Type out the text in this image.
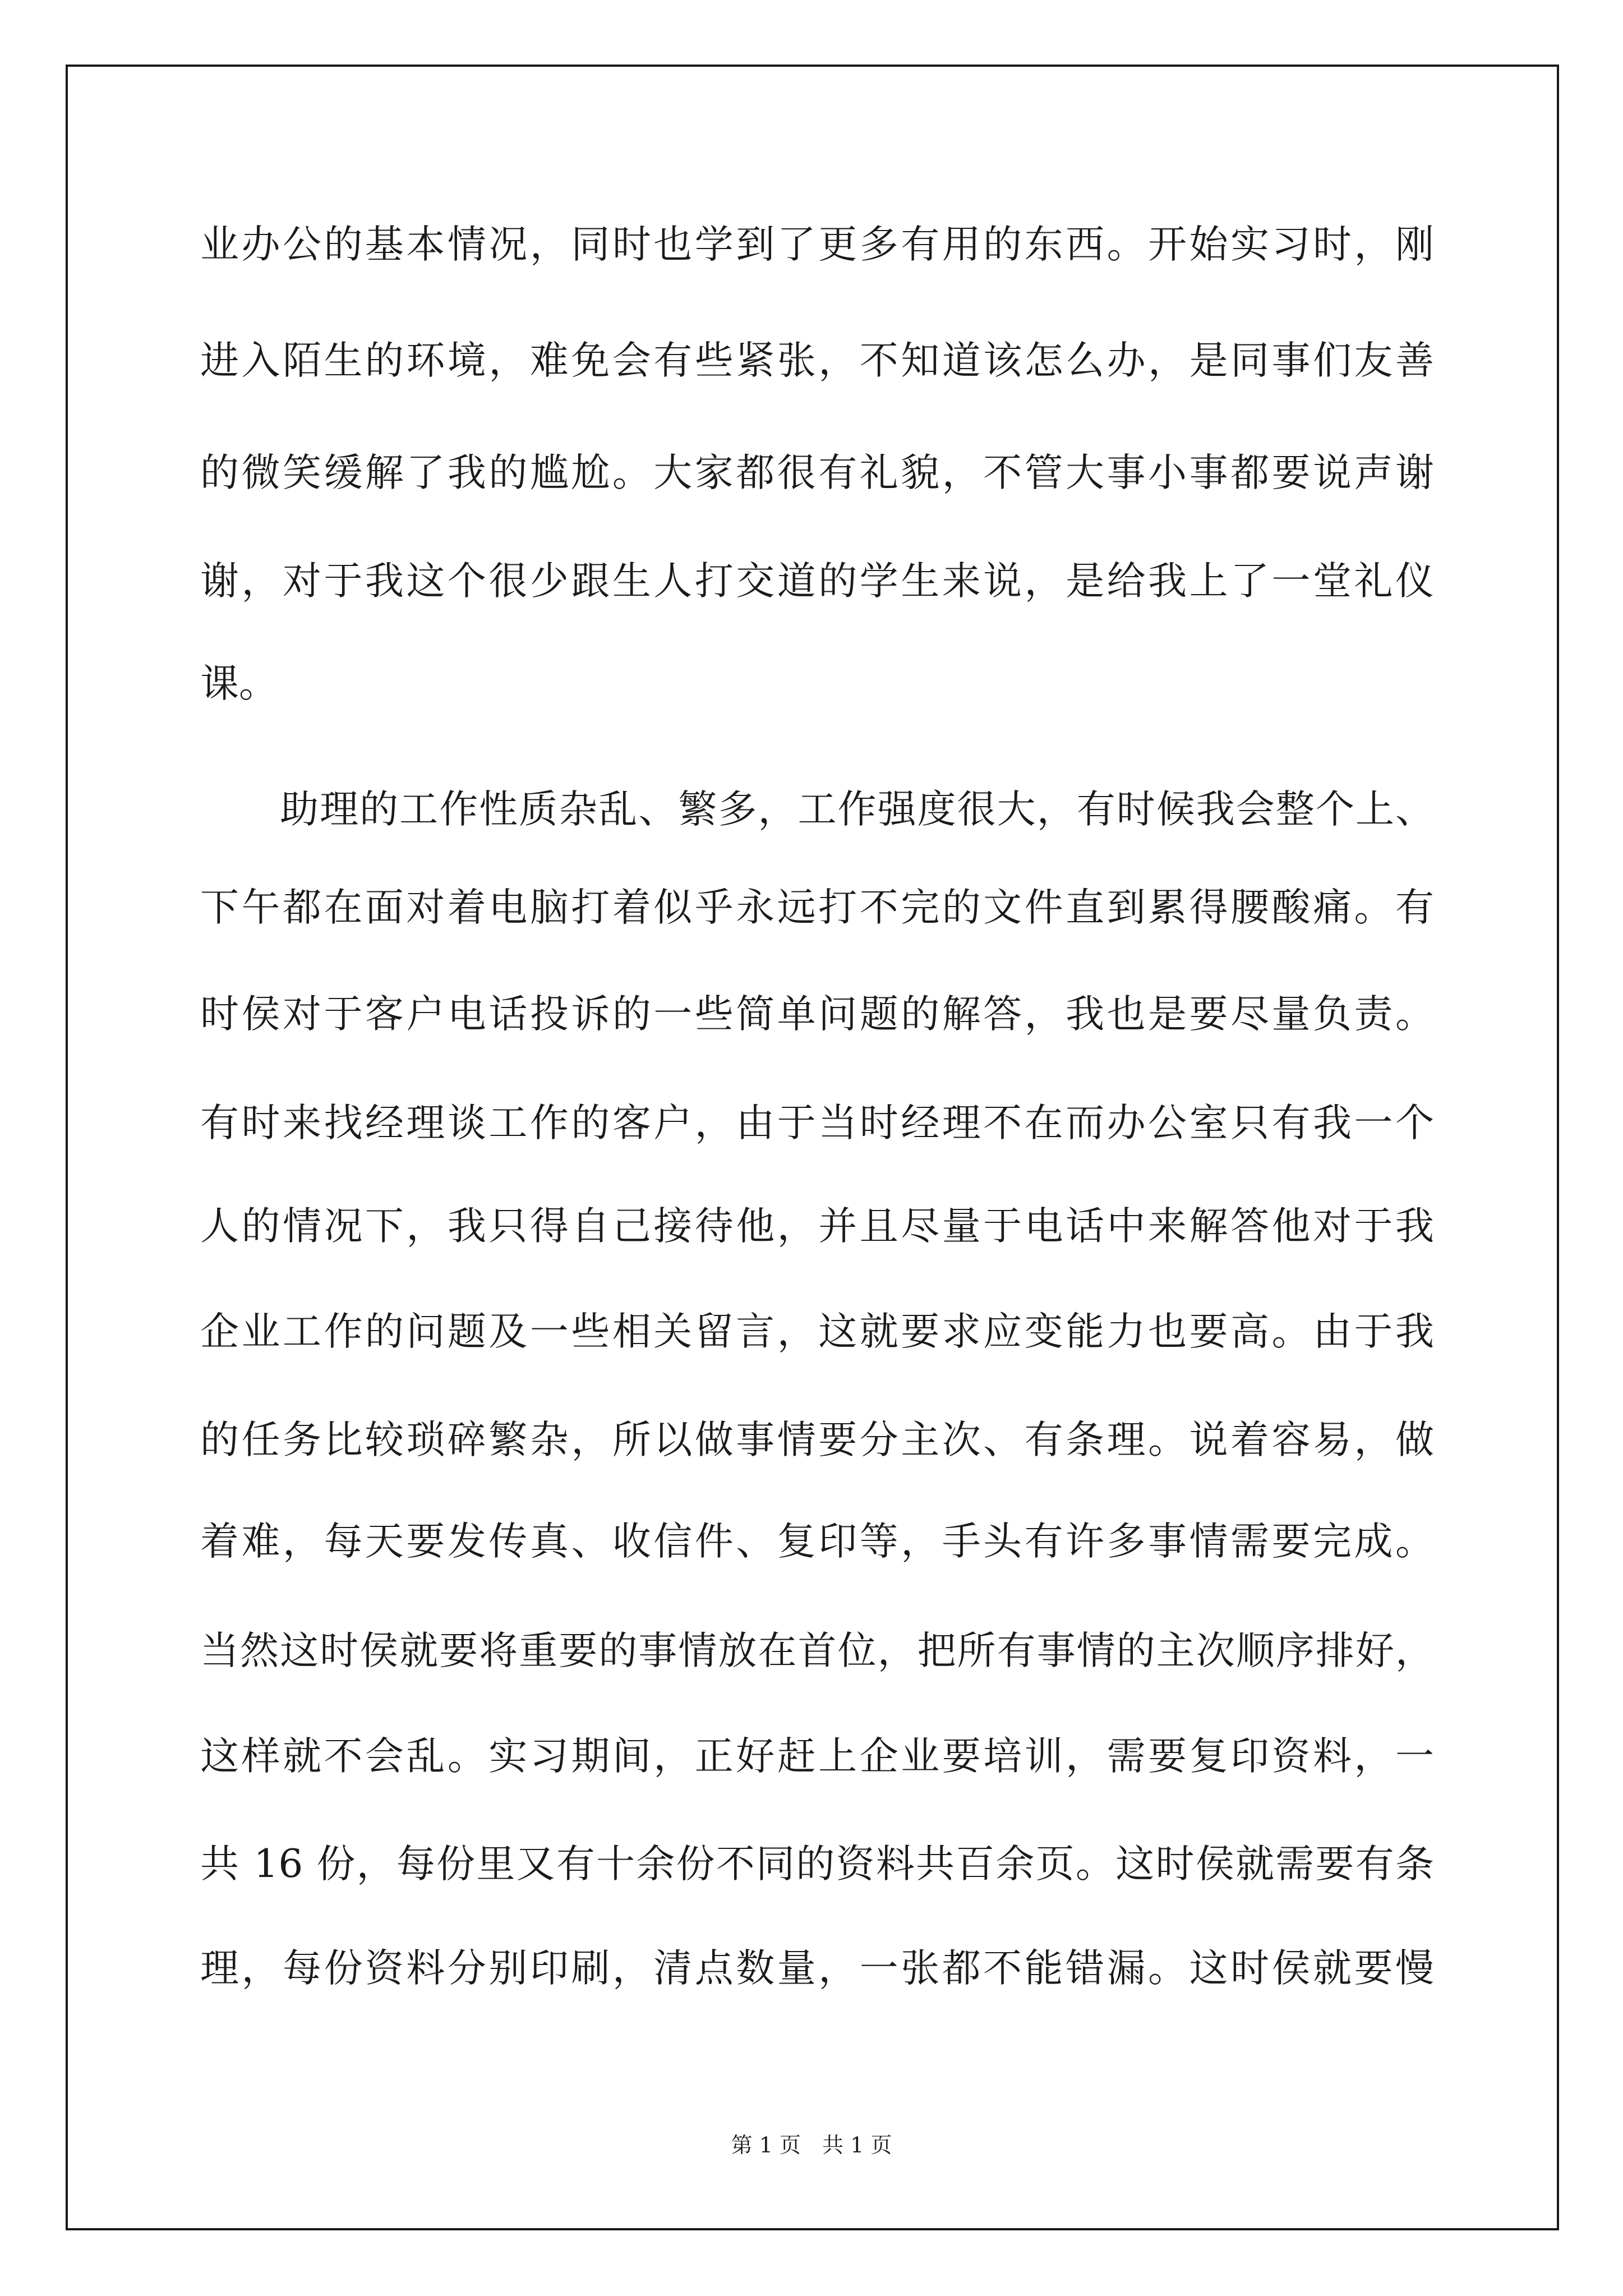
业办公的基本情况，同时也学到了更多有用的东西。开始实习时，刚
进入陌生的环境，难免会有些紧张，不知道该怎么办，是同事们友善
的微笑缓解了我的尴尬。大家都很有礼貌，不管大事小事都要说声谢
谢，对于我这个很少跟生人打交道的学生来说，是给我上了一堂礼仪
课。
　　助理的工作性质杂乱、繁多，工作强度很大，有时候我会整个上、
下午都在面对着电脑打着似乎永远打不完的文件直到累得腰酸痛。有
时侯对于客户电话投诉的一些简单问题的解答，我也是要尽量负责。
有时来找经理谈工作的客户，由于当时经理不在而办公室只有我一个
人的情况下，我只得自己接待他，并且尽量于电话中来解答他对于我
企业工作的问题及一些相关留言，这就要求应变能力也要高。由于我
的任务比较琐碎繁杂，所以做事情要分主次、有条理。说着容易，做
着难，每天要发传真、收信件、复印等，手头有许多事情需要完成。
当然这时侯就要将重要的事情放在首位，把所有事情的主次顺序排好，
这样就不会乱。实习期间，正好赶上企业要培训，需要复印资料，一
共 16 份，每份里又有十余份不同的资料共百余页。这时侯就需要有条
理，每份资料分别印刷，清点数量，一张都不能错漏。这时侯就要慢
第 1 页　共 1 页
